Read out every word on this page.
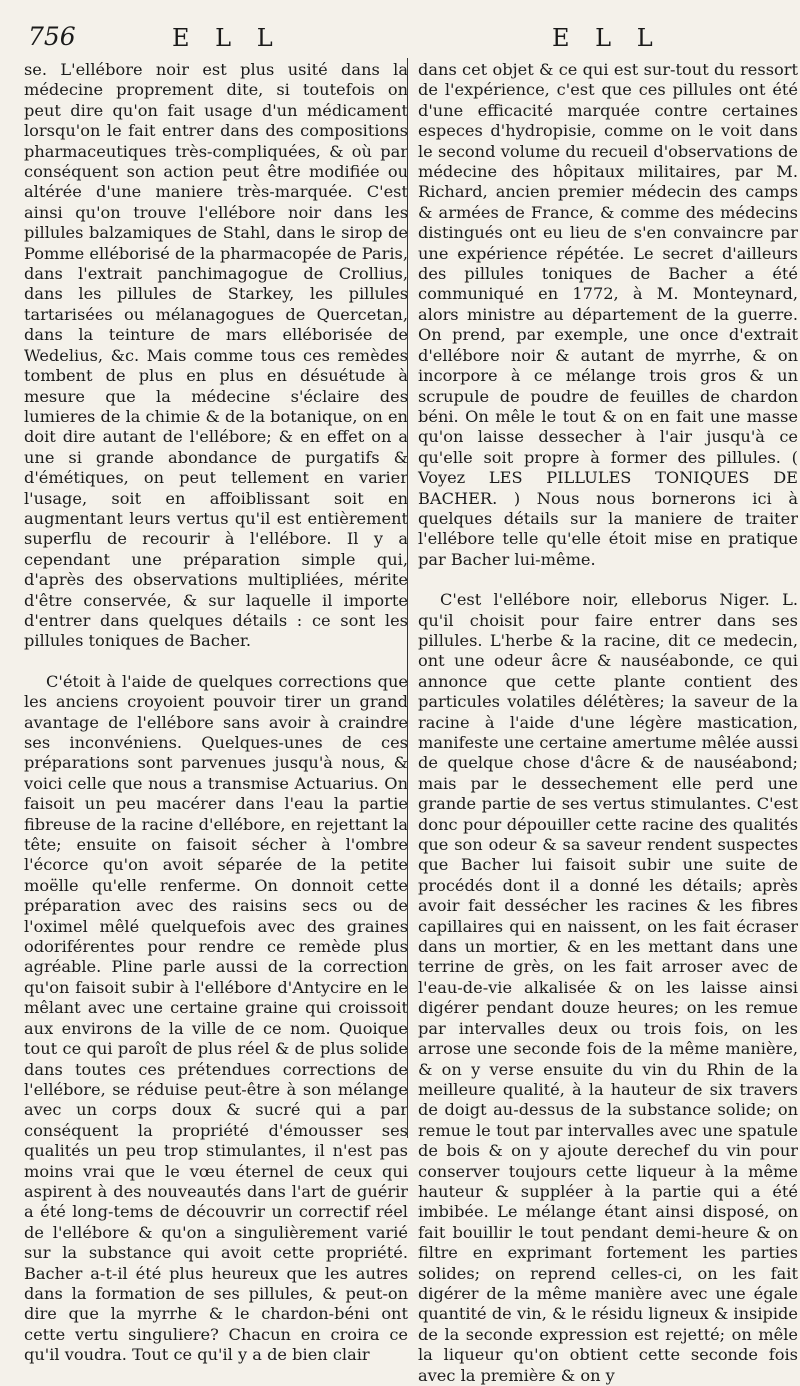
756	E L L	E L L

se. L'ellébore noir est plus usité dans la médecine proprement dite, si toutefois on peut dire qu'on fait usage d'un médicament lorsqu'on le fait entrer dans des compositions pharmaceutiques très-compliquées, & où par conséquent son action peut être modifiée ou altérée d'une maniere très-marquée. C'est ainsi qu'on trouve l'ellébore noir dans les pillules balzamiques de Stahl, dans le sirop de Pomme elléborisé de la pharmacopée de Paris, dans l'extrait panchimagogue de Crollius, dans les pillules de Starkey, les pillules tartarisées ou mélanagogues de Quercetan, dans la teinture de mars elléborisée de Wedelius, &c. Mais comme tous ces remèdes tombent de plus en plus en désuétude à mesure que la médecine s'éclaire des lumieres de la chimie & de la botanique, on en doit dire autant de l'ellébore; & en effet on a une si grande abondance de purgatifs & d'émétiques, on peut tellement en varier l'usage, soit en affoiblissant soit en augmentant leurs vertus qu'il est entièrement superflu de recourir à l'ellébore. Il y a cependant une préparation simple qui, d'après des observations multipliées, mérite d'être conservée, & sur laquelle il importe d'entrer dans quelques détails : ce sont les pillules toniques de Bacher.

C'étoit à l'aide de quelques corrections que les anciens croyoient pouvoir tirer un grand avantage de l'ellébore sans avoir à craindre ses inconvéniens. Quelques-unes de ces préparations sont parvenues jusqu'à nous, & voici celle que nous a transmise Actuarius. On faisoit un peu macérer dans l'eau la partie fibreuse de la racine d'ellébore, en rejettant la tête; ensuite on faisoit sécher à l'ombre l'écorce qu'on avoit séparée de la petite moëlle qu'elle renferme. On donnoit cette préparation avec des raisins secs ou de l'oximel mêlé quelquefois avec des graines odoriférentes pour rendre ce remède plus agréable. Pline parle aussi de la correction qu'on faisoit subir à l'ellébore d'Antycire en le mêlant avec une certaine graine qui croissoit aux environs de la ville de ce nom. Quoique tout ce qui paroît de plus réel & de plus solide dans toutes ces prétendues corrections de l'ellébore, se réduise peut-être à son mélange avec un corps doux & sucré qui a par conséquent la propriété d'émousser ses qualités un peu trop stimulantes, il n'est pas moins vrai que le vœu éternel de ceux qui aspirent à des nouveautés dans l'art de guérir a été long-tems de découvrir un correctif réel de l'ellébore & qu'on a singulièrement varié sur la substance qui avoit cette propriété. Bacher a-t-il été plus heureux que les autres dans la formation de ses pillules, & peut-on dire que la myrrhe & le chardon-béni ont cette vertu singuliere? Chacun en croira ce qu'il voudra. Tout ce qu'il y a de bien clair

dans cet objet & ce qui est sur-tout du ressort de l'expérience, c'est que ces pillules ont été d'une efficacité marquée contre certaines especes d'hydropisie, comme on le voit dans le second volume du recueil d'observations de médecine des hôpitaux militaires, par M. Richard, ancien premier médecin des camps & armées de France, & comme des médecins distingués ont eu lieu de s'en convaincre par une expérience répétée. Le secret d'ailleurs des pillules toniques de Bacher a été communiqué en 1772, à M. Monteynard, alors ministre au département de la guerre. On prend, par exemple, une once d'extrait d'ellébore noir & autant de myrrhe, & on incorpore à ce mélange trois gros & un scrupule de poudre de feuilles de chardon béni. On mêle le tout & on en fait une masse qu'on laisse dessecher à l'air jusqu'à ce qu'elle soit propre à former des pillules. ( Voyez LES PILLULES TONIQUES DE BACHER. ) Nous nous bornerons ici à quelques détails sur la maniere de traiter l'ellébore telle qu'elle étoit mise en pratique par Bacher lui-même.

C'est l'ellébore noir, elleborus Niger. L. qu'il choisit pour faire entrer dans ses pillules. L'herbe & la racine, dit ce medecin, ont une odeur âcre & nauséabonde, ce qui annonce que cette plante contient des particules volatiles délétères; la saveur de la racine à l'aide d'une légère mastication, manifeste une certaine amertume mêlée aussi de quelque chose d'âcre & de nauséabond; mais par le dessechement elle perd une grande partie de ses vertus stimulantes. C'est donc pour dépouiller cette racine des qualités que son odeur & sa saveur rendent suspectes que Bacher lui faisoit subir une suite de procédés dont il a donné les détails; après avoir fait dessécher les racines & les fibres capillaires qui en naissent, on les fait écraser dans un mortier, & en les mettant dans une terrine de grès, on les fait arroser avec de l'eau-de-vie alkalisée & on les laisse ainsi digérer pendant douze heures; on les remue par intervalles deux ou trois fois, on les arrose une seconde fois de la même manière, & on y verse ensuite du vin du Rhin de la meilleure qualité, à la hauteur de six travers de doigt au-dessus de la substance solide; on remue le tout par intervalles avec une spatule de bois & on y ajoute derechef du vin pour conserver toujours cette liqueur à la même hauteur & suppléer à la partie qui a été imbibée. Le mélange étant ainsi disposé, on fait bouillir le tout pendant demi-heure & on filtre en exprimant fortement les parties solides; on reprend celles-ci, on les fait digérer de la même manière avec une égale quantité de vin, & le résidu ligneux & insipide de la seconde expression est rejetté; on mêle la liqueur qu'on obtient cette seconde fois avec la première & on y
